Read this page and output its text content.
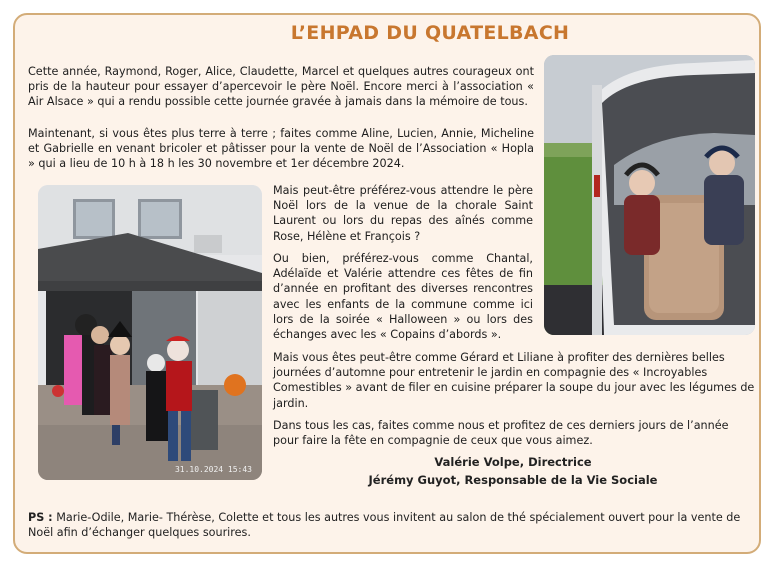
L’EHPAD DU QUATELBACH

Cette année, Raymond, Roger, Alice, Claudette, Marcel et quelques autres courageux ont pris de la hauteur pour essayer d’apercevoir le père Noël. Encore merci à l’association « Air Alsace » qui a rendu possible cette journée gravée à jamais dans la mémoire de tous.

Maintenant, si vous êtes plus terre à terre ; faites comme Aline, Lucien, Annie, Micheline et Gabrielle en venant bricoler et pâtisser pour la vente de Noël de l’Association « Hopla » qui a lieu de 10 h à 18 h les 30 novembre et 1er décembre 2024.

31.10.2024 15:43

Mais peut-être préférez-vous attendre le père Noël lors de la venue de la chorale Saint Laurent ou lors du repas des aînés comme Rose, Hélène et François ?

Ou bien, préférez-vous comme Chantal, Adélaïde et Valérie attendre ces fêtes de fin d’année en profitant des diverses rencontres avec les enfants de la commune comme ici lors de la soirée « Halloween » ou lors des échanges avec les « Copains d’abords ».

Mais vous êtes peut-être comme Gérard et Liliane à profiter des dernières belles journées d’automne pour entretenir le jardin en compagnie des « Incroyables Comestibles » avant de filer en cuisine préparer la soupe du jour avec les légumes de jardin.

Dans tous les cas, faites comme nous et profitez de ces derniers jours de l’année pour faire la fête en compagnie de ceux que vous aimez.

Valérie Volpe, Directrice
Jérémy Guyot, Responsable de la Vie Sociale

PS : Marie-Odile, Marie- Thérèse, Colette et tous les autres vous invitent au salon de thé spécialement ouvert pour la vente de Noël afin d’échanger quelques sourires.
